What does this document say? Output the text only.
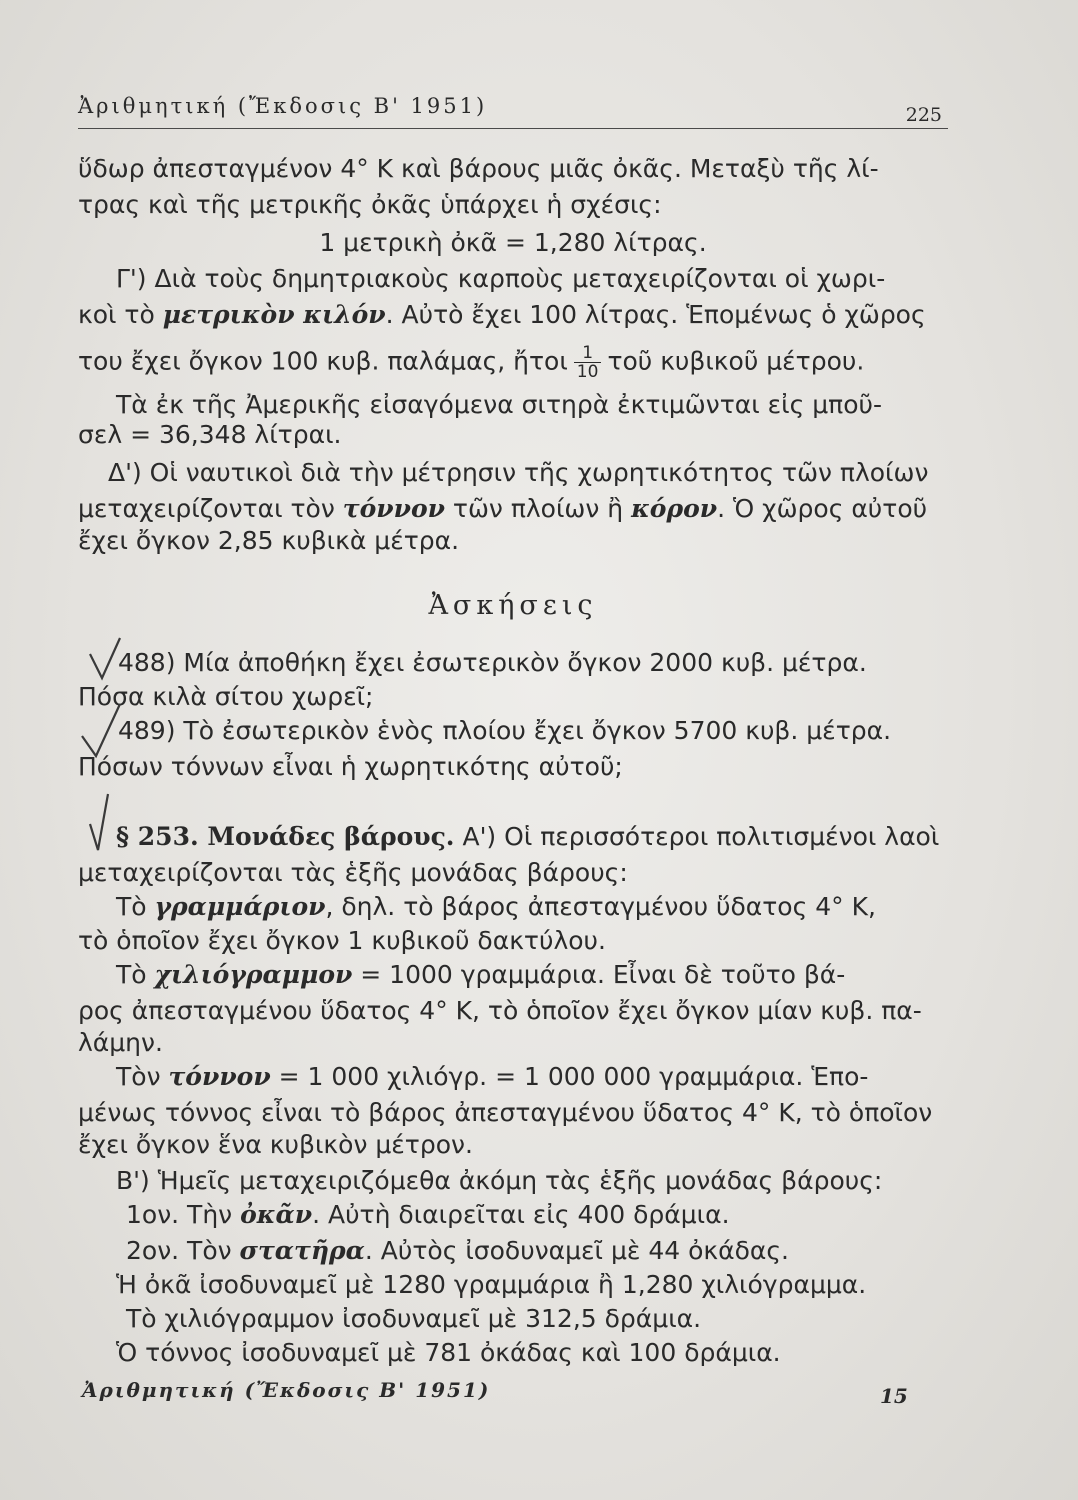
Ἀριθμητική (Ἔκδοσις Β' 1951)	225
ὕδωρ ἀπεσταγμένον 4° Κ καὶ βάρους μιᾶς ὀκᾶς. Μεταξὺ τῆς λί-
τρας καὶ τῆς μετρικῆς ὀκᾶς ὑπάρχει ἡ σχέσις:
1 μετρικὴ ὀκᾶ = 1,280 λίτρας.
Γ') Διὰ τοὺς δημητριακοὺς καρποὺς μεταχειρίζονται οἱ χωρι-
κοὶ τὸ μετρικὸν κιλόν. Αὐτὸ ἔχει 100 λίτρας. Ἑπομένως ὁ χῶρος
του ἔχει ὄγκον 100 κυβ. παλάμας, ἤτοι $\frac{1}{10}$ τοῦ κυβικοῦ μέτρου.
Τὰ ἐκ τῆς Ἀμερικῆς εἰσαγόμενα σιτηρὰ ἐκτιμῶνται εἰς μποῦ-
σελ = 36,348 λίτραι.
Δ') Οἱ ναυτικοὶ διὰ τὴν μέτρησιν τῆς χωρητικότητος τῶν πλοίων
μεταχειρίζονται τὸν τόννον τῶν πλοίων ἢ κόρον. Ὁ χῶρος αὐτοῦ
ἔχει ὄγκον 2,85 κυβικὰ μέτρα.
Ἀσκήσεις
488) Μία ἀποθήκη ἔχει ἐσωτερικὸν ὄγκον 2000 κυβ. μέτρα.
Πόσα κιλὰ σίτου χωρεῖ;
489) Τὸ ἐσωτερικὸν ἑνὸς πλοίου ἔχει ὄγκον 5700 κυβ. μέτρα.
Πόσων τόννων εἶναι ἡ χωρητικότης αὐτοῦ;
§ 253. Μονάδες βάρους. Α') Οἱ περισσότεροι πολιτισμένοι λαοὶ
μεταχειρίζονται τὰς ἑξῆς μονάδας βάρους:
Τὸ γραμμάριον, δηλ. τὸ βάρος ἀπεσταγμένου ὕδατος 4° Κ,
τὸ ὁποῖον ἔχει ὄγκον 1 κυβικοῦ δακτύλου.
Τὸ χιλιόγραμμον = 1000 γραμμάρια. Εἶναι δὲ τοῦτο βά-
ρος ἀπεσταγμένου ὕδατος 4° Κ, τὸ ὁποῖον ἔχει ὄγκον μίαν κυβ. πα-
λάμην.
Τὸν τόννον = 1 000 χιλιόγρ. = 1 000 000 γραμμάρια. Ἑπο-
μένως τόννος εἶναι τὸ βάρος ἀπεσταγμένου ὕδατος 4° Κ, τὸ ὁποῖον
ἔχει ὄγκον ἕνα κυβικὸν μέτρον.
Β') Ἡμεῖς μεταχειριζόμεθα ἀκόμη τὰς ἑξῆς μονάδας βάρους:
1ον. Τὴν ὀκᾶν. Αὐτὴ διαιρεῖται εἰς 400 δράμια.
2ον. Τὸν στατῆρα. Αὐτὸς ἰσοδυναμεῖ μὲ 44 ὀκάδας.
Ἡ ὀκᾶ ἰσοδυναμεῖ μὲ 1280 γραμμάρια ἢ 1,280 χιλιόγραμμα.
Τὸ χιλιόγραμμον ἰσοδυναμεῖ μὲ 312,5 δράμια.
Ὁ τόννος ἰσοδυναμεῖ μὲ 781 ὀκάδας καὶ 100 δράμια.
Ἀριθμητική (Ἔκδοσις Β' 1951)	15
